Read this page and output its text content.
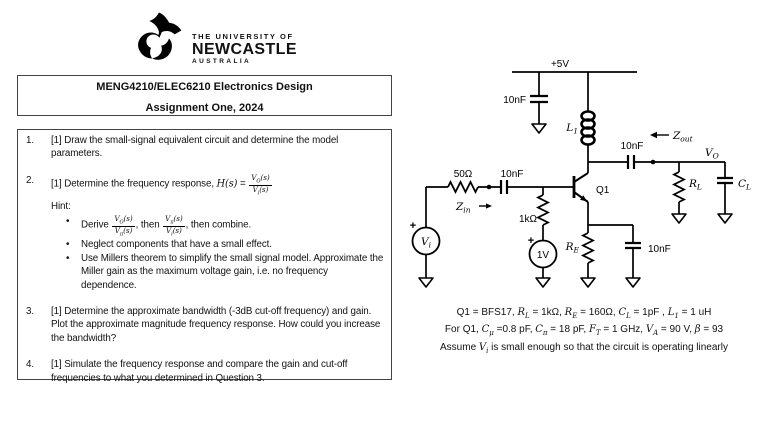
THE UNIVERSITY OF
NEWCASTLE
AUSTRALIA
MENG4210/ELEC6210 Electronics Design
Assignment One, 2024
1.	[1] Draw the small-signal equivalent circuit and determine the model parameters.
2.	[1] Determine the frequency response, $H(s) = \frac{V_O(s)}{V_i(s)}$
Hint:
•	Derive $\frac{V_O(s)}{V_\pi(s)}$ , then $\frac{V_\pi(s)}{V_i(s)}$ , then combine.
•	Neglect components that have a small effect.
•	Use Millers theorem to simplify the small signal model. Approximate the Miller gain as the maximum voltage gain, i.e. no frequency dependence.
3.	[1] Determine the approximate bandwidth (-3dB cut-off frequency) and gain. Plot the approximate magnitude frequency response. How could you increase the bandwidth?
4.	[1] Simulate the frequency response and compare the gain and cut-off frequencies to what you determined in Question 3.
+5V
10nF
$L_1$
10nF
$Z_{out}$
$V_O$
$R_L$	$C_L$
Q1
$R_E$	10nF
$V_i$
+
50Ω	10nF
$Z_{in}$
1kΩ
1V
+
Q1 = BFS17, $R_L = 1k\Omega$, $R_E = 160\Omega$, $C_L = 1pF$ , $L_1 = 1$ uH
For Q1, $C_\mu =0.8$ pF, $C_\pi = 18$ pF, $F_T = 1$ GHz, $V_A = 90$ V, β = 93
Assume $V_i$ is small enough so that the circuit is operating linearly
